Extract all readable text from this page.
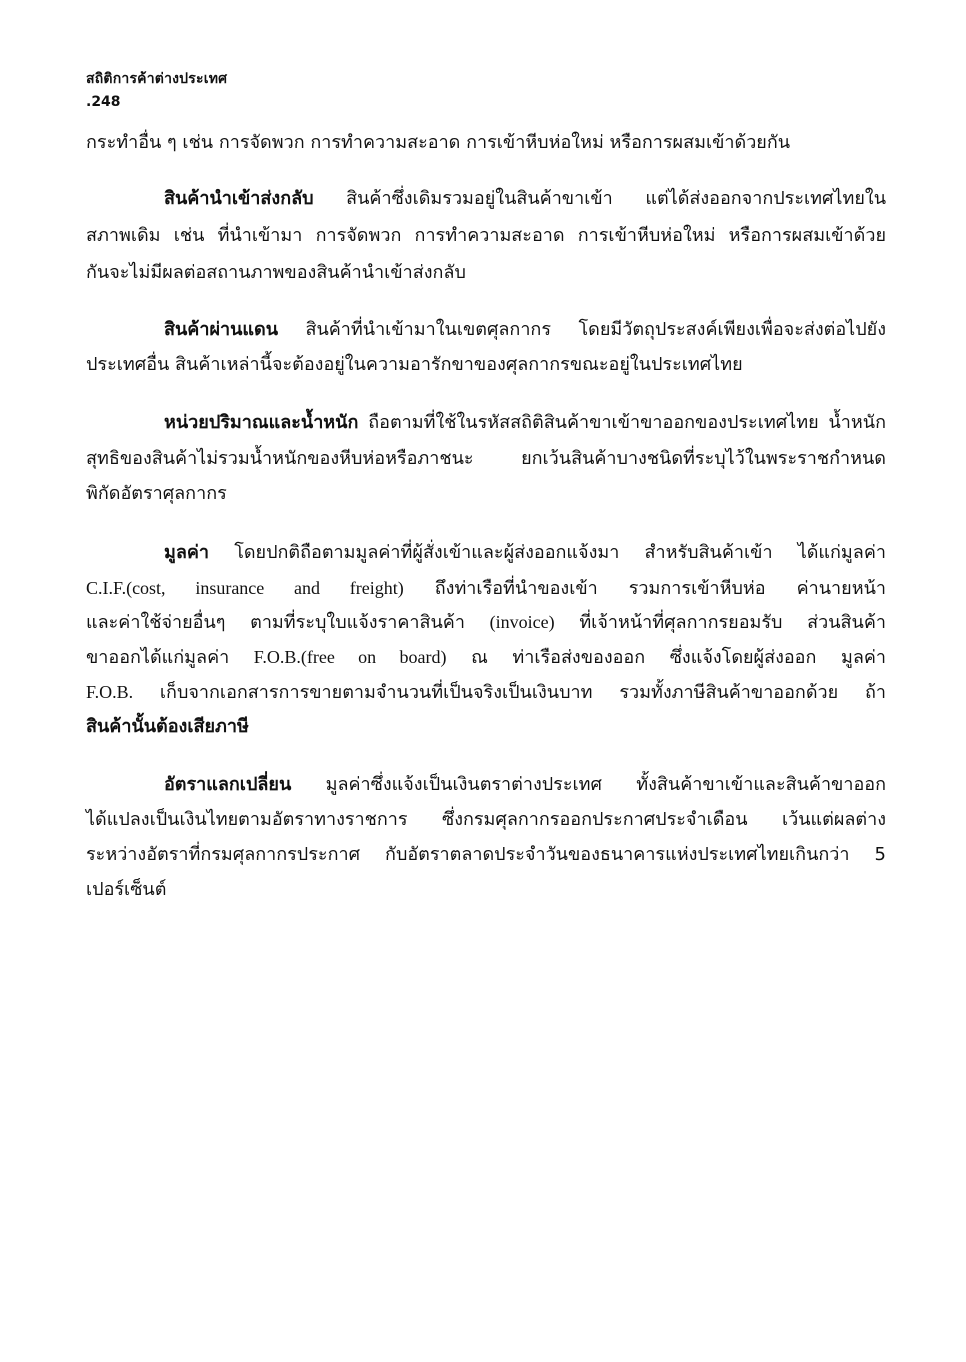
สถิติการค้าต่างประเทศ
.248
กระทำอื่น ๆ เช่น การจัดพวก การทำความสะอาด การเข้าหีบห่อใหม่ หรือการผสมเข้าด้วยกัน
สินค้านำเข้าส่งกลับ สินค้าซึ่งเดิมรวมอยู่ในสินค้าขาเข้า แต่ได้ส่งออกจากประเทศไทยใน
สภาพเดิม เช่น ที่นำเข้ามา การจัดพวก การทำความสะอาด การเข้าหีบห่อใหม่ หรือการผสมเข้าด้วย
กันจะไม่มีผลต่อสถานภาพของสินค้านำเข้าส่งกลับ
สินค้าผ่านแดน สินค้าที่นำเข้ามาในเขตศุลกากร โดยมีวัตถุประสงค์เพียงเพื่อจะส่งต่อไปยัง
ประเทศอื่น สินค้าเหล่านี้จะต้องอยู่ในความอารักขาของศุลกากรขณะอยู่ในประเทศไทย
หน่วยปริมาณและน้ำหนัก ถือตามที่ใช้ในรหัสสถิติสินค้าขาเข้าขาออกของประเทศไทย น้ำหนัก
สุทธิของสินค้าไม่รวมน้ำหนักของหีบห่อหรือภาชนะ ยกเว้นสินค้าบางชนิดที่ระบุไว้ในพระราชกำหนด
พิกัดอัตราศุลกากร
มูลค่า โดยปกติถือตามมูลค่าที่ผู้สั่งเข้าและผู้ส่งออกแจ้งมา สำหรับสินค้าเข้า ได้แก่มูลค่า
C.I.F.(cost, insurance and freight) ถึงท่าเรือที่นำของเข้า รวมการเข้าหีบห่อ ค่านายหน้า
และค่าใช้จ่ายอื่นๆ ตามที่ระบุใบแจ้งราคาสินค้า (invoice) ที่เจ้าหน้าที่ศุลกากรยอมรับ ส่วนสินค้า
ขาออกได้แก่มูลค่า F.O.B.(free on board) ณ ท่าเรือส่งของออก ซึ่งแจ้งโดยผู้ส่งออก มูลค่า
F.O.B. เก็บจากเอกสารการขายตามจำนวนที่เป็นจริงเป็นเงินบาท รวมทั้งภาษีสินค้าขาออกด้วย ถ้า
สินค้านั้นต้องเสียภาษี
อัตราแลกเปลี่ยน มูลค่าซึ่งแจ้งเป็นเงินตราต่างประเทศ ทั้งสินค้าขาเข้าและสินค้าขาออก
ได้แปลงเป็นเงินไทยตามอัตราทางราชการ ซึ่งกรมศุลกากรออกประกาศประจำเดือน เว้นแต่ผลต่าง
ระหว่างอัตราที่กรมศุลกากรประกาศ กับอัตราตลาดประจำวันของธนาคารแห่งประเทศไทยเกินกว่า 5
เปอร์เซ็นต์
